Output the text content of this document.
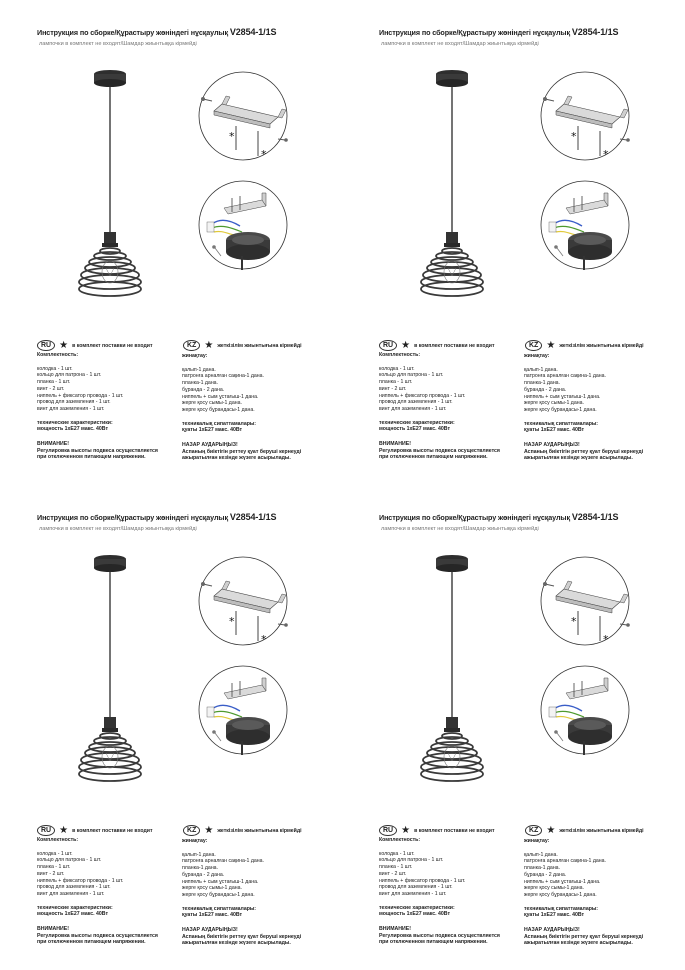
Инструкция по сборке/Құрастыру жөніндегі нұсқаулық V2854-1/1S
лампочки в комплект не входят/Шамдар жиынтыққа кірмейді
RU ★ в комплект поставки не входит	KZ ★ жеткізілім жиынтығына кірмейді
Комплектность:
колодка - 1 шт.
кольцо для патрона - 1 шт.
планка - 1 шт.
винт - 2 шт.
ниппель + фиксатор провода - 1 шт.
провод для заземления - 1 шт.
винт для заземления - 1 шт.
технические характеристики:
мощность 1хE27 макс. 40Вт
ВНИМАНИЕ!
Регулировка высоты подвеса осуществляется
при отключенном питающем напряжении.
жинақтау:
қалып-1 дана.
патронға арналған сақина-1 дана.
планка-1 дана.
бұранда - 2 дана.
ниппель + сым ұстағыш-1 дана.
жерге қосу сымы-1 дана.
жерге қосу бұрандасы-1 дана.
техникалық сипаттамалары:
қуаты 1хE27 макс. 40Вт
НАЗАР АУДАРЫҢЫЗ!
Аспаның биіктігін реттеу қуат берушi кернеуді
ажыратылған кезінде жүзеге асырылады.
Инструкция по сборке/Құрастыру жөніндегі нұсқаулық V2854-1/1S
лампочки в комплект не входят/Шамдар жиынтыққа кірмейді
RU ★ в комплект поставки не входит	KZ ★ жеткізілім жиынтығына кірмейді
Комплектность:
колодка - 1 шт.
кольцо для патрона - 1 шт.
планка - 1 шт.
винт - 2 шт.
ниппель + фиксатор провода - 1 шт.
провод для заземления - 1 шт.
винт для заземления - 1 шт.
технические характеристики:
мощность 1хE27 макс. 40Вт
ВНИМАНИЕ!
Регулировка высоты подвеса осуществляется
при отключенном питающем напряжении.
жинақтау:
қалып-1 дана.
патронға арналған сақина-1 дана.
планка-1 дана.
бұранда - 2 дана.
ниппель + сым ұстағыш-1 дана.
жерге қосу сымы-1 дана.
жерге қосу бұрандасы-1 дана.
техникалық сипаттамалары:
қуаты 1хE27 макс. 40Вт
НАЗАР АУДАРЫҢЫЗ!
Аспаның биіктігін реттеу қуат берушi кернеуді
ажыратылған кезінде жүзеге асырылады.
Инструкция по сборке/Құрастыру жөніндегі нұсқаулық V2854-1/1S
лампочки в комплект не входят/Шамдар жиынтыққа кірмейді
RU ★ в комплект поставки не входит	KZ ★ жеткізілім жиынтығына кірмейді
Комплектность:
колодка - 1 шт.
кольцо для патрона - 1 шт.
планка - 1 шт.
винт - 2 шт.
ниппель + фиксатор провода - 1 шт.
провод для заземления - 1 шт.
винт для заземления - 1 шт.
технические характеристики:
мощность 1хE27 макс. 40Вт
ВНИМАНИЕ!
Регулировка высоты подвеса осуществляется
при отключенном питающем напряжении.
жинақтау:
қалып-1 дана.
патронға арналған сақина-1 дана.
планка-1 дана.
бұранда - 2 дана.
ниппель + сым ұстағыш-1 дана.
жерге қосу сымы-1 дана.
жерге қосу бұрандасы-1 дана.
техникалық сипаттамалары:
қуаты 1хE27 макс. 40Вт
НАЗАР АУДАРЫҢЫЗ!
Аспаның биіктігін реттеу қуат берушi кернеуді
ажыратылған кезінде жүзеге асырылады.
Инструкция по сборке/Құрастыру жөніндегі нұсқаулық V2854-1/1S
лампочки в комплект не входят/Шамдар жиынтыққа кірмейді
RU ★ в комплект поставки не входит	KZ ★ жеткізілім жиынтығына кірмейді
Комплектность:
колодка - 1 шт.
кольцо для патрона - 1 шт.
планка - 1 шт.
винт - 2 шт.
ниппель + фиксатор провода - 1 шт.
провод для заземления - 1 шт.
винт для заземления - 1 шт.
технические характеристики:
мощность 1хE27 макс. 40Вт
ВНИМАНИЕ!
Регулировка высоты подвеса осуществляется
при отключенном питающем напряжении.
жинақтау:
қалып-1 дана.
патронға арналған сақина-1 дана.
планка-1 дана.
бұранда - 2 дана.
ниппель + сым ұстағыш-1 дана.
жерге қосу сымы-1 дана.
жерге қосу бұрандасы-1 дана.
техникалық сипаттамалары:
қуаты 1хE27 макс. 40Вт
НАЗАР АУДАРЫҢЫЗ!
Аспаның биіктігін реттеу қуат берушi кернеуді
ажыратылған кезінде жүзеге асырылады.
